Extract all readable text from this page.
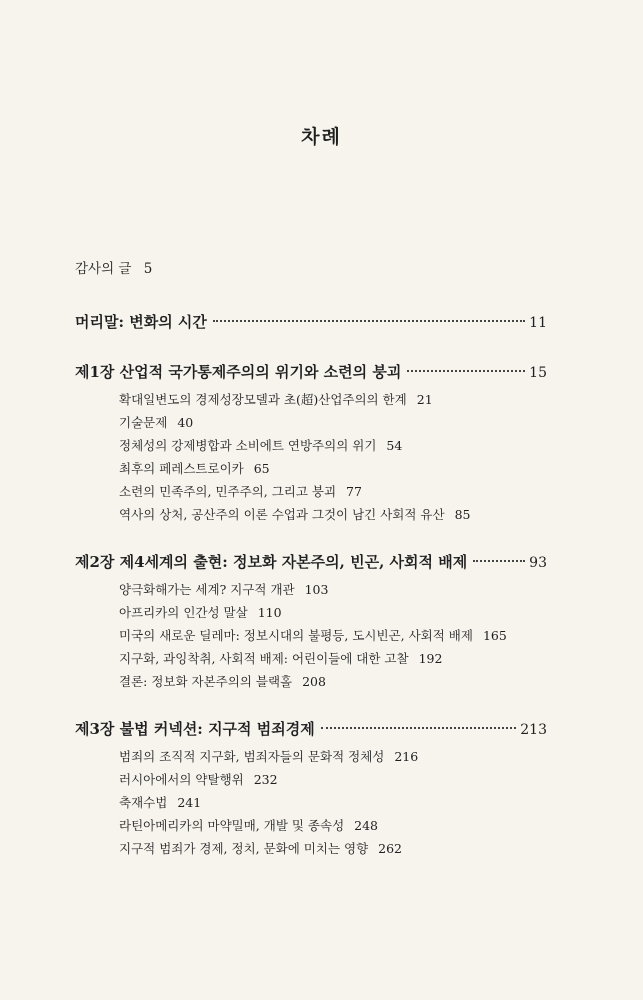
차례
감사의 글 5
머리말: 변화의 시간	11
제1장 산업적 국가통제주의의 위기와 소련의 붕괴	15
확대일변도의 경제성장모델과 초(超)산업주의의 한계 21
기술문제 40
정체성의 강제병합과 소비에트 연방주의의 위기 54
최후의 페레스트로이카 65
소련의 민족주의, 민주주의, 그리고 붕괴 77
역사의 상처, 공산주의 이론 수업과 그것이 남긴 사회적 유산 85
제2장 제4세계의 출현: 정보화 자본주의, 빈곤, 사회적 배제	93
양극화해가는 세계? 지구적 개관 103
아프리카의 인간성 말살 110
미국의 새로운 딜레마: 정보시대의 불평등, 도시빈곤, 사회적 배제 165
지구화, 과잉착취, 사회적 배제: 어린이들에 대한 고찰 192
결론: 정보화 자본주의의 블랙홀 208
제3장 불법 커넥션: 지구적 범죄경제	213
범죄의 조직적 지구화, 범죄자들의 문화적 정체성 216
러시아에서의 약탈행위 232
축재수법 241
라틴아메리카의 마약밀매, 개발 및 종속성 248
지구적 범죄가 경제, 정치, 문화에 미치는 영향 262
